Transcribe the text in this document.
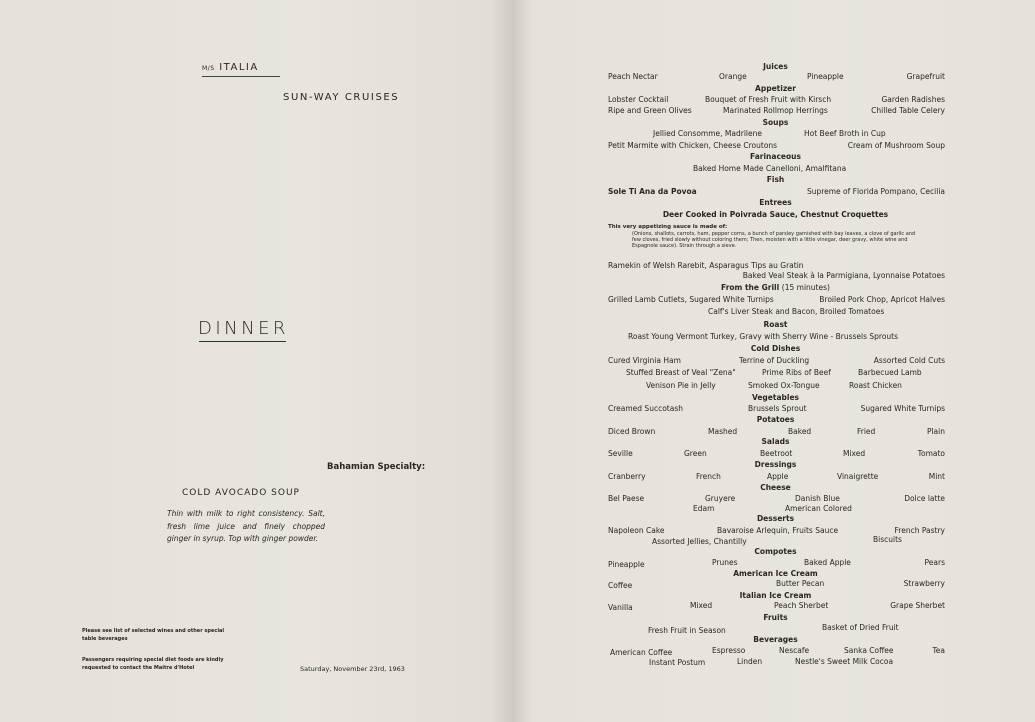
M/S ITALIA
SUN-WAY CRUISES
DINNER
Bahamian Specialty:
COLD AVOCADO SOUP
Thin with milk to right consistency. Salt, fresh lime juice and finely chopped ginger in syrup. Top with ginger powder.
Please see list of selected wines and other special table beverages
Passengers requiring special diet foods are kindly requested to contact the Maitre d'Hotel	Saturday, November 23rd, 1963
Juices
Peach Nectar	Orange	Pineapple	Grapefruit
Appetizer
Lobster Cocktail	Bouquet of Fresh Fruit with Kirsch	Garden Radishes
Ripe and Green Olives	Marinated Rollmop Herrings	Chilled Table Celery
Soups
Jellied Consomme, Madrilene	Hot Beef Broth in Cup
Petit Marmite with Chicken, Cheese Croutons	Cream of Mushroom Soup
Farinaceous
Baked Home Made Canelloni, Amalfitana
Fish
Sole Ti Ana da Povoa	Supreme of Florida Pompano, Cecilia
Entrees
Deer Cooked in Poivrada Sauce, Chestnut Croquettes
This very appetizing sauce is made of:
(Onions, shallots, carrots, ham, pepper corns, a bunch of parsley garnished with bay leaves, a clove of garlic and few cloves, fried slowly without coloring them; Then, moisten with a little vinegar, deer gravy, white wine and Espagnole sauce). Strain through a sieve.
Ramekin of Welsh Rarebit, Asparagus Tips au Gratin
Baked Veal Steak à la Parmigiana, Lyonnaise Potatoes
From the Grill (15 minutes)
Grilled Lamb Cutlets, Sugared White Turnips	Broiled Pork Chop, Apricot Halves
Calf's Liver Steak and Bacon, Broiled Tomatoes
Roast
Roast Young Vermont Turkey, Gravy with Sherry Wine - Brussels Sprouts
Cold Dishes
Cured Virginia Ham	Terrine of Duckling	Assorted Cold Cuts
Stuffed Breast of Veal "Zena"	Prime Ribs of Beef	Barbecued Lamb
Venison Pie in Jelly	Smoked Ox-Tongue	Roast Chicken
Vegetables
Creamed Succotash	Brussels Sprout	Sugared White Turnips
Potatoes
Diced Brown	Mashed	Baked	Fried	Plain
Salads
Seville	Green	Beetroot	Mixed	Tomato
Dressings
Cranberry	French	Apple	Vinaigrette	Mint
Cheese
Bel Paese	Gruyere	Danish Blue	Dolce latte
Edam	American Colored
Desserts
Napoleon Cake	Bavaroise Arlequin, Fruits Sauce	French Pastry
Assorted Jellies, Chantilly	Biscuits
Compotes
Pineapple	Prunes	Baked Apple	Pears
American Ice Cream
Coffee	Butter Pecan	Strawberry
Italian Ice Cream
Vanilla	Mixed	Peach Sherbet	Grape Sherbet
Fruits
Fresh Fruit in Season	Basket of Dried Fruit
Beverages
American Coffee	Espresso	Nescafe	Sanka Coffee	Tea
Instant Postum	Linden	Nestle's Sweet Milk Cocoa
